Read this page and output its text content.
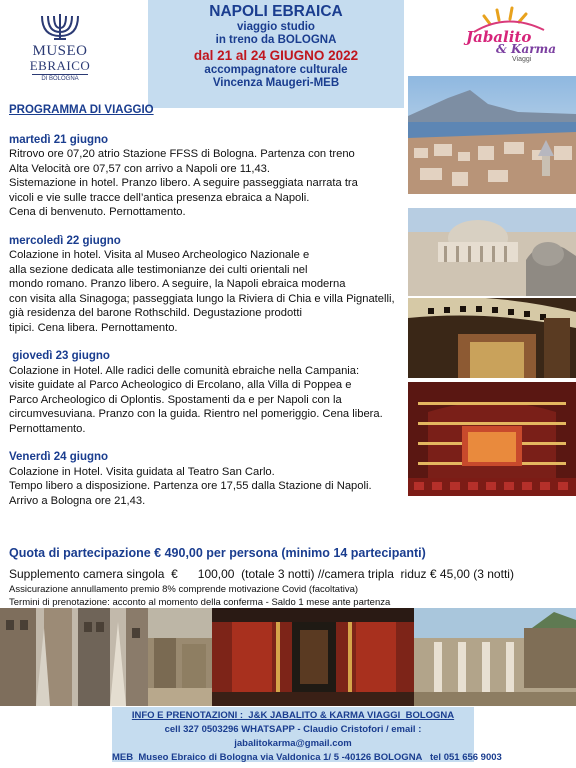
MUSEO
EBRAICO
DI BOLOGNA
NAPOLI EBRAICA
viaggio studio
in treno da BOLOGNA
dal 21 al 24 GIUGNO 2022
accompagnatore culturale
Vincenza Maugeri-MEB
Jabalito
& Karma
Viaggi
PROGRAMMA DI VIAGGIO
martedì 21 giugno
Ritrovo ore 07,20 atrio Stazione FFSS di Bologna. Partenza con treno
Alta Velocità ore 07,57 con arrivo a Napoli ore 11,43.
Sistemazione in hotel. Pranzo libero. A seguire passeggiata narrata tra
vicoli e vie sulle tracce dell’antica presenza ebraica a Napoli.
Cena di benvenuto. Pernottamento.
mercoledì 22 giugno
Colazione in hotel. Visita al Museo Archeologico Nazionale e
alla sezione dedicata alle testimonianze dei culti orientali nel
mondo romano. Pranzo libero. A seguire, la Napoli ebraica moderna
con visita alla Sinagoga; passeggiata lungo la Riviera di Chia e villa Pignatelli,
già residenza del barone Rothschild. Degustazione prodotti
tipici. Cena libera. Pernottamento.
giovedì 23 giugno
Colazione in Hotel. Alle radici delle comunità ebraiche nella Campania:
visite guidate al Parco Acheologico di Ercolano, alla Villa di Poppea e
Parco Archeologico di Oplontis. Spostamenti da e per Napoli con la
circumvesuviana. Pranzo con la guida. Rientro nel pomeriggio. Cena libera.
Pernottamento.
Venerdì 24 giugno
Colazione in Hotel. Visita guidata al Teatro San Carlo.
Tempo libero a disposizione. Partenza ore 17,55 dalla Stazione di Napoli.
Arrivo a Bologna ore 21,43.
Quota di partecipazione € 490,00 per persona (minimo 14 partecipanti)
Supplemento camera singola  €      100,00  (totale 3 notti) //camera tripla  riduz € 45,00 (3 notti)
Assicurazione annullamento premio 8% comprende motivazione Covid (facoltativa)
Termini di prenotazione: acconto al momento della conferma - Saldo 1 mese ante partenza
INFO E PRENOTAZIONI :  J&K JABALITO & KARMA VIAGGI  BOLOGNA
cell 327 0503296 WHATSAPP - Claudio Cristofori / email : jabalitokarma@gmail.com
MEB  Museo Ebraico di Bologna via Valdonica 1/ 5 -40126 BOLOGNA   tel 051 656 9003
